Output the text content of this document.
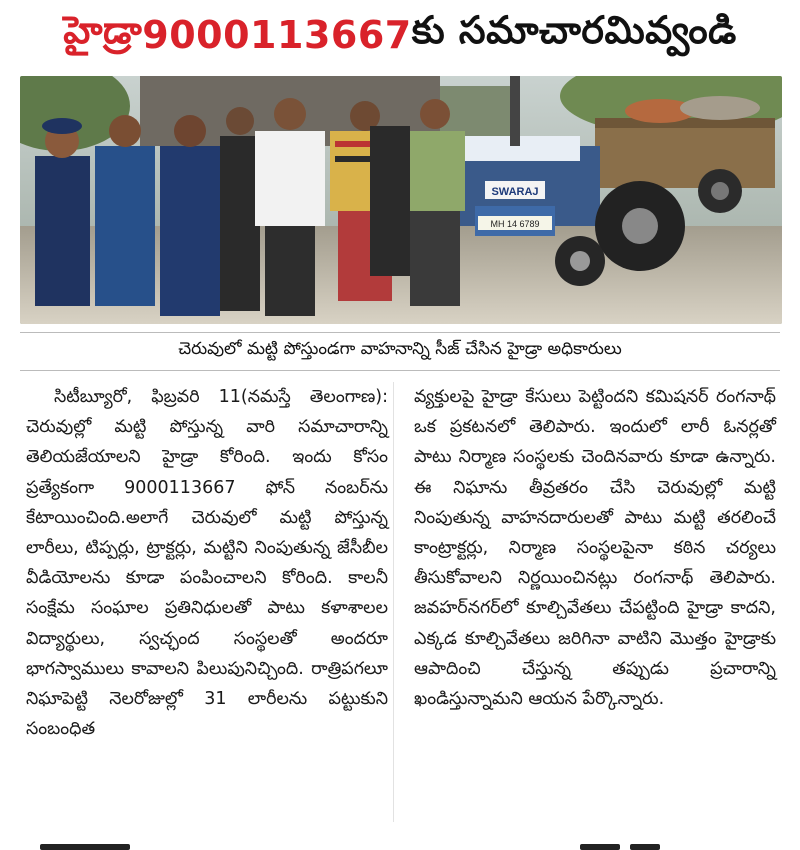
హైడ్రా 9000113667 కు సమాచారమివ్వండి
SWARAJ
MH 14 6789
చెరువులో మట్టి పోస్తుండగా వాహనాన్ని సీజ్ చేసిన హైడ్రా అధికారులు

సిటీబ్యూరో, ఫిబ్రవరి 11(నమస్తే తెలంగాణ): చెరువుల్లో మట్టి పోస్తున్న వారి సమాచారాన్ని తెలియజేయాలని హైడ్రా కోరింది. ఇందు కోసం ప్రత్యేకంగా 9000113667 ఫోన్ నంబర్‌ను కేటాయించింది.అలాగే చెరువులో మట్టి పోస్తున్న లారీలు, టిప్పర్లు, ట్రాక్టర్లు, మట్టిని నింపుతున్న జేసీబీల వీడియోలను కూడా పంపించాలని కోరింది. కాలనీ సంక్షేమ సంఘాల ప్రతినిధులతో పాటు కళాశాలల విద్యార్థులు, స్వచ్ఛంద సంస్థలతో అందరూ భాగస్వాములు కావాలని పిలుపునిచ్చింది. రాత్రిపగలూ నిఘాపెట్టి నెలరోజుల్లో 31 లారీలను పట్టుకుని సంబంధిత

వ్యక్తులపై హైడ్రా కేసులు పెట్టిందని కమిషనర్ రంగనాథ్ ఒక ప్రకటనలో తెలిపారు. ఇందులో లారీ ఓనర్లతో పాటు నిర్మాణ సంస్థలకు చెందినవారు కూడా ఉన్నారు. ఈ నిఘాను తీవ్రతరం చేసి చెరువుల్లో మట్టి నింపుతున్న వాహనదారులతో పాటు మట్టి తరలించే కాంట్రాక్టర్లు, నిర్మాణ సంస్థలపైనా కఠిన చర్యలు తీసుకోవాలని నిర్ణయించినట్లు రంగనాథ్ తెలిపారు. జవహర్‌నగర్‌లో కూల్చివేతలు చేపట్టింది హైడ్రా కాదని, ఎక్కడ కూల్చివేతలు జరిగినా వాటిని మొత్తం హైడ్రాకు ఆపాదించి చేస్తున్న తప్పుడు ప్రచారాన్ని ఖండిస్తున్నామని ఆయన పేర్కొన్నారు.
